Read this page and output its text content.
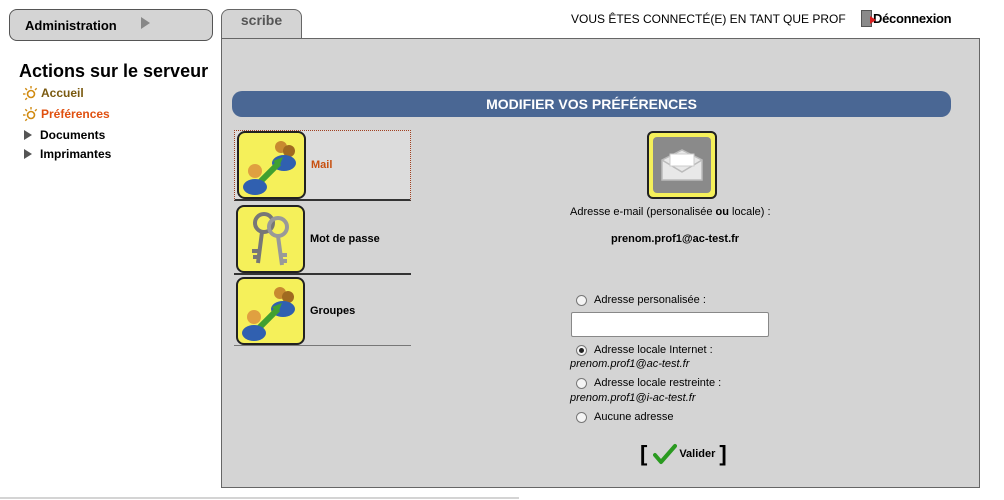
Administration	scribe	VOUS ÊTES CONNECTÉ(E) EN TANT QUE PROF Déconnexion
Actions sur le serveur
Accueil
Préférences
Documents
Imprimantes
MODIFIER VOS PRÉFÉRENCES
Mail
Mot de passe
Groupes
Adresse e-mail (personalisée ou locale) :
prenom.prof1@ac-test.fr
Adresse personalisée :
Adresse locale Internet :
prenom.prof1@ac-test.fr
Adresse locale restreinte :
prenom.prof1@i-ac-test.fr
Aucune adresse
[	Valider ]
